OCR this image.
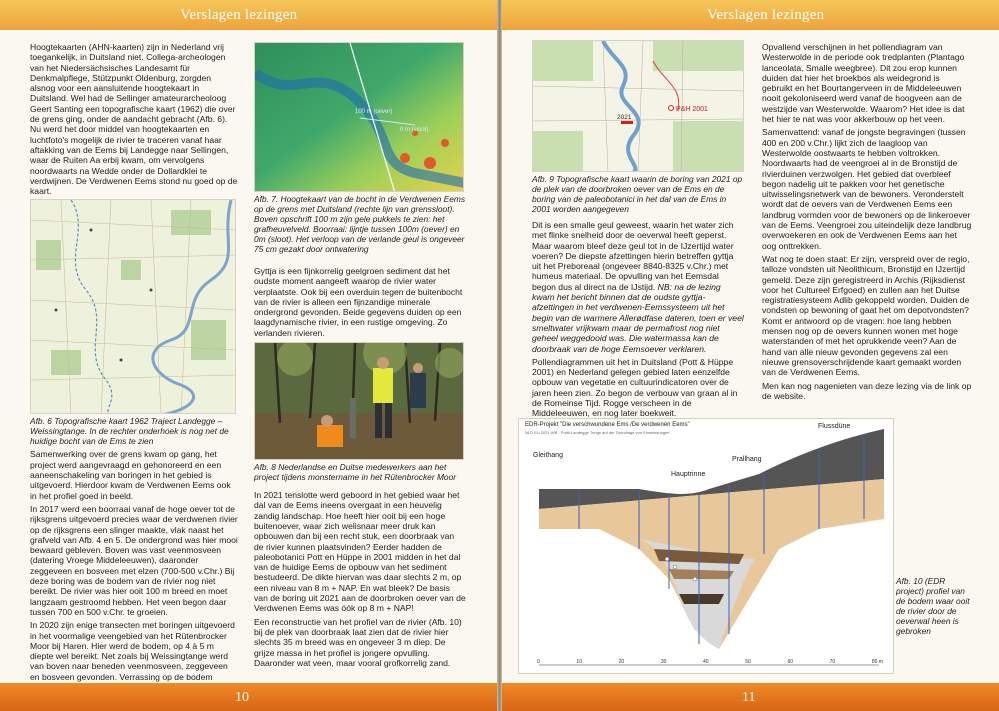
Verslagen lezingen

Hoogtekaarten (AHN-kaarten) zijn in Nederland vrij toegankelijk, in Duitsland niet. Collega-archeologen van het Niedersächsisches Landesamt für Denkmalpflege, Stützpunkt Oldenburg, zorgden alsnog voor een aansluitende hoogtekaart in Duitsland. Wel had de Sellinger amateurarcheoloog Geert Santing een topografische kaart (1962) die over de grens ging, onder de aandacht gebracht (Afb. 6). Nu werd het door middel van hoogtekaarten en luchtfoto's mogelijk de rivier te traceren vanaf haar aftakking van de Eems bij Landegge naar Sellingen, waar de Ruiten Aa erbij kwam, om vervolgens noordwaarts na Wedde onder de Dollardklei te verdwijnen. De Verdwenen Eems stond nu goed op de kaart.

Afb. 6 Topografische kaart 1962 Traject Landegge – Weissingtange. In de rechter onderhoek is nog net de huidige bocht van de Ems te zien

Samenwerking over de grens kwam op gang, het project werd aangevraagd en gehonoreerd en een aaneenschakeling van boringen in het gebied is uitgevoerd. Hierdoor kwam de Verdwenen Eems ook in het profiel goed in beeld.

In 2017 werd een boorraai vanaf de hoge oever tot de rijksgrens uitgevoerd precies waar de verdwenen rivier op de rijksgrens een slinger maakte, vlak naast het grafveld van Afb. 4 en 5. De ondergrond was hier mooi bewaard gebleven. Boven was vast veenmosveen (datering Vroege Middeleeuwen), daaronder zeggeveen en bosveen met elzen (700-500 v.Chr.) Bij deze boring was de bodem van de rivier nog niet bereikt. De rivier was hier ooit 100 m breed en moet langzaam gestroomd hebben. Het veen begon daar tussen 700 en 500 v.Chr. te groeien.

In 2020 zijn enige transecten met boringen uitgevoerd in het voormalige veengebied van het Rütenbrocker Moor bij Haren. Hier werd de bodem, op 4 à 5 m diepte wel bereikt. Net zoals bij Weissingtange werd van boven naar beneden veenmosveen, zeggeveen en bosveen gevonden. Verrassing op de bodem

100 m (oever)
0 m (sloot)

Afb. 7. Hoogtekaart van de bocht in de Verdwenen Eems op de grens met Duitsland (rechte lijn van grenssloot). Boven opschrift 100 m zijn gele pukkels te zien: het grafheuvelveld. Boorraai: lijntje tussen 100m (oever) en 0m (sloot). Het verloop van de verlande geul is ongeveer 75 cm gezakt door ontwatering

Gyttja is een fijnkorrelig geelgroen sediment dat het oudste moment aangeeft waarop de rivier water verplaatste. Ook bij een overduin tegen de buitenbocht van de rivier is alleen een fijnzandige minerale ondergrond gevonden. Beide gegevens duiden op een laagdynamische rivier, in een rustige omgeving. Zo verlanden rivieren.

Afb. 8 Nederlandse en Duitse medewerkers aan het project tijdens monstername in het Rütenbrocker Moor

In 2021 tenslotte werd geboord in het gebied waar het dal van de Eems ineens overgaat in een heuvelig zandig landschap. Hoe heeft hier ooit bij een hoge buitenoever, waar zich welisnaar meer druk kan opbouwen dan bij een recht stuk, een doorbraak van de rivier kunnen plaatsvinden? Eerder hadden de paleobotanici Pott en Hüppe in 2001 midden in het dal van de huidige Eems de opbouw van het sediment bestudeerd. De dikte hiervan was daar slechts 2 m, op een niveau van 8 m + NAP. En wat bleek? De basis van de boring uit 2021 aan de doorbroken oever van de Verdwenen Eems was óók op 8 m + NAP!

Een reconstructie van het profiel van de rivier (Afb. 10) bij de plek van doorbraak laat zien dat de rivier hier slechts 35 m breed was en ongeveer 3 m diep. De grijze massa in het profiel is jongere opvulling. Daaronder wat veen, maar vooral grofkorrelig zand.

10
Verslagen lezingen
P&H 2001
2021

Afb. 9 Topografische kaart waarin de boring van 2021 op de plek van de doorbroken oever van de Ems en de boring van de paleobotanici in het dal van de Ems in 2001 worden aangegeven

Dit is een smalle geul geweest, waarin het water zich met flinke snelheid door de oeverwal heeft geperst. Maar waarom bleef deze geul tot in de IJzertijd water voeren? De diepste afzettingen hierin betreffen gyttja uit het Preboreaal (ongeveer 8840-8325 v.Chr.) met humeus materiaal. De opvulling van het Eemsdal begon dus al direct na de IJstijd. NB: na de lezing kwam het bericht binnen dat de oudste gyttja-afzettingen in het verdwenen-Eemssysteem uit het begin van de warmere Allerødfase dateren, toen er veel smeltwater vrijkwam maar de permafrost nog niet geheel weggedooid was. Die watermassa kan de doorbraak van de hoge Eemsoever verklaren.

Pollendiagrammen uit het in Duitsland (Pott & Hüppe 2001) en Nederland gelegen gebied laten eenzelfde opbouw van vegetatie en cultuurindicatoren over de jaren heen zien. Zo begon de verbouw van graan al in de Romeinse Tijd. Rogge verscheen in de Middeleeuwen, en nog later boekweit.

Opvallend verschijnen in het pollendiagram van Westerwolde in de periode ook tredplanten (Plantago lanceolata, Smalle weegbree). Dit zou erop kunnen duiden dat hier het broekbos als weidegrond is gebruikt en het Bourtangerveen in de Middeleeuwen nooit gekoloniseerd werd vanaf de hoogveen aan de westzijde van Westerwolde. Waarom? Het idee is dat het hier te nat was voor akkerbouw op het veen.

Samenvattend: vanaf de jongste begravingen (tussen 400 en 200 v.Chr.) lijkt zich de laagloop van Westerwolde oostwaarts te hebben voltrokken. Noordwaarts had de veengroei al in de Bronstijd de rivierduinen verzwolgen. Het gebied dat overbleef begon nadelig uit te pakken voor het genetische uitwisselingsnetwerk van de bewoners. Veronderstelt wordt dat de oevers van de Verdwenen Eems een landbrug vormden voor de bewoners op de linkeroever van de Eems. Veengroei zou uiteindelijk deze landbrug overwoekeren en ook de Verdwenen Eems aan het oog onttrekken.

Wat nog te doen staat: Er zijn, verspreid over de regio, talloze vondsten uit Neolithicum, Bronstijd en IJzertijd gemeld. Deze zijn geregistreerd in Archis (Rijksdienst voor het Cultureel Erfgoed) en zullen aan het Duitse registratiesysteem Adlib gekoppeld worden. Duiden de vondsten op bewoning of gaat het om depotvondsten? Komt er antwoord op de vragen: hoe lang hebben mensen nog op de oevers kunnen wonen met hoge waterstanden of met het oprukkende veen? Aan de hand van alle nieuw gevonden gegevens zal een nieuwe grensoverschrijdende kaart gemaakt worden van de Verdwenen Eems.

Men kan nog nagenieten van deze lezing via de link op de website.

EDR-Projekt "Die verschwundene Ems /De verdwenen Eems"
NLD EU 2021 WB · Profil Landegge Tringe auf der Grundlage von Einmessungen
Gleithang
Hauptrinne
Prallhang
Flussdüne
0	10	20	30	40	50	60	70	80 m
Afb. 10 (EDR project) profiel van de bodem waar ooit de rivier door de oeverwal heen is gebroken
11
